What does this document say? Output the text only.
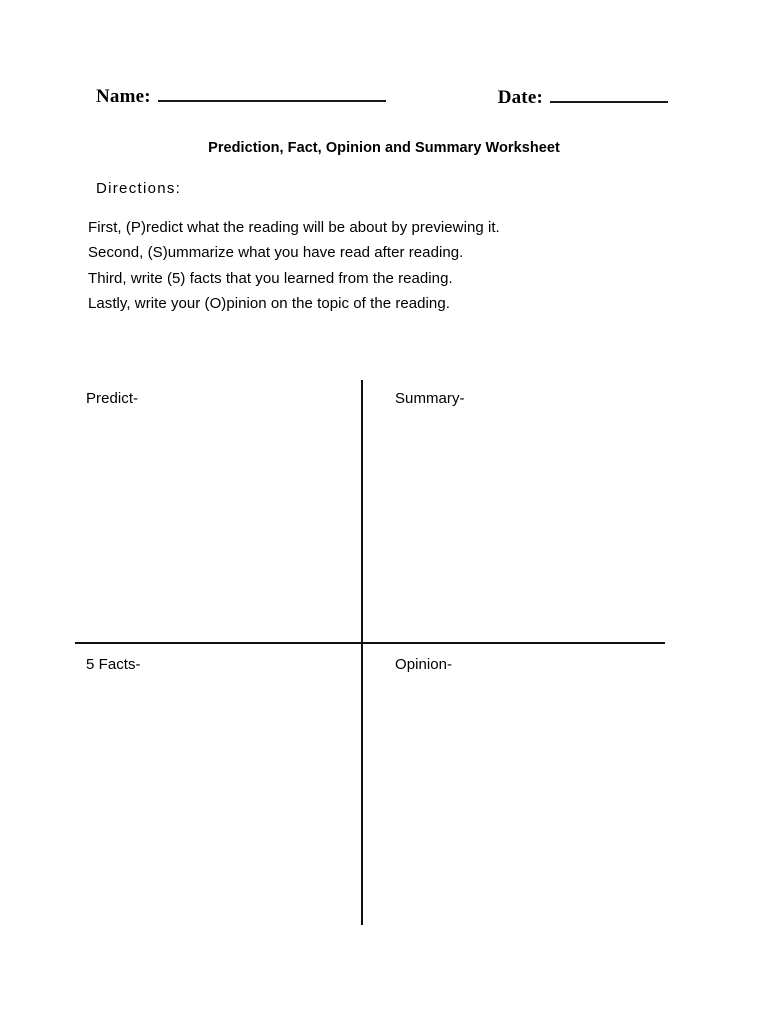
Name:	Date:
Prediction, Fact, Opinion and Summary Worksheet
Directions:
First, (P)redict what the reading will be about by previewing it.
Second, (S)ummarize what you have read after reading.
Third, write (5) facts that you learned from the reading.
Lastly, write your (O)pinion on the topic of the reading.
Predict-	Summary-
5 Facts-	Opinion-
